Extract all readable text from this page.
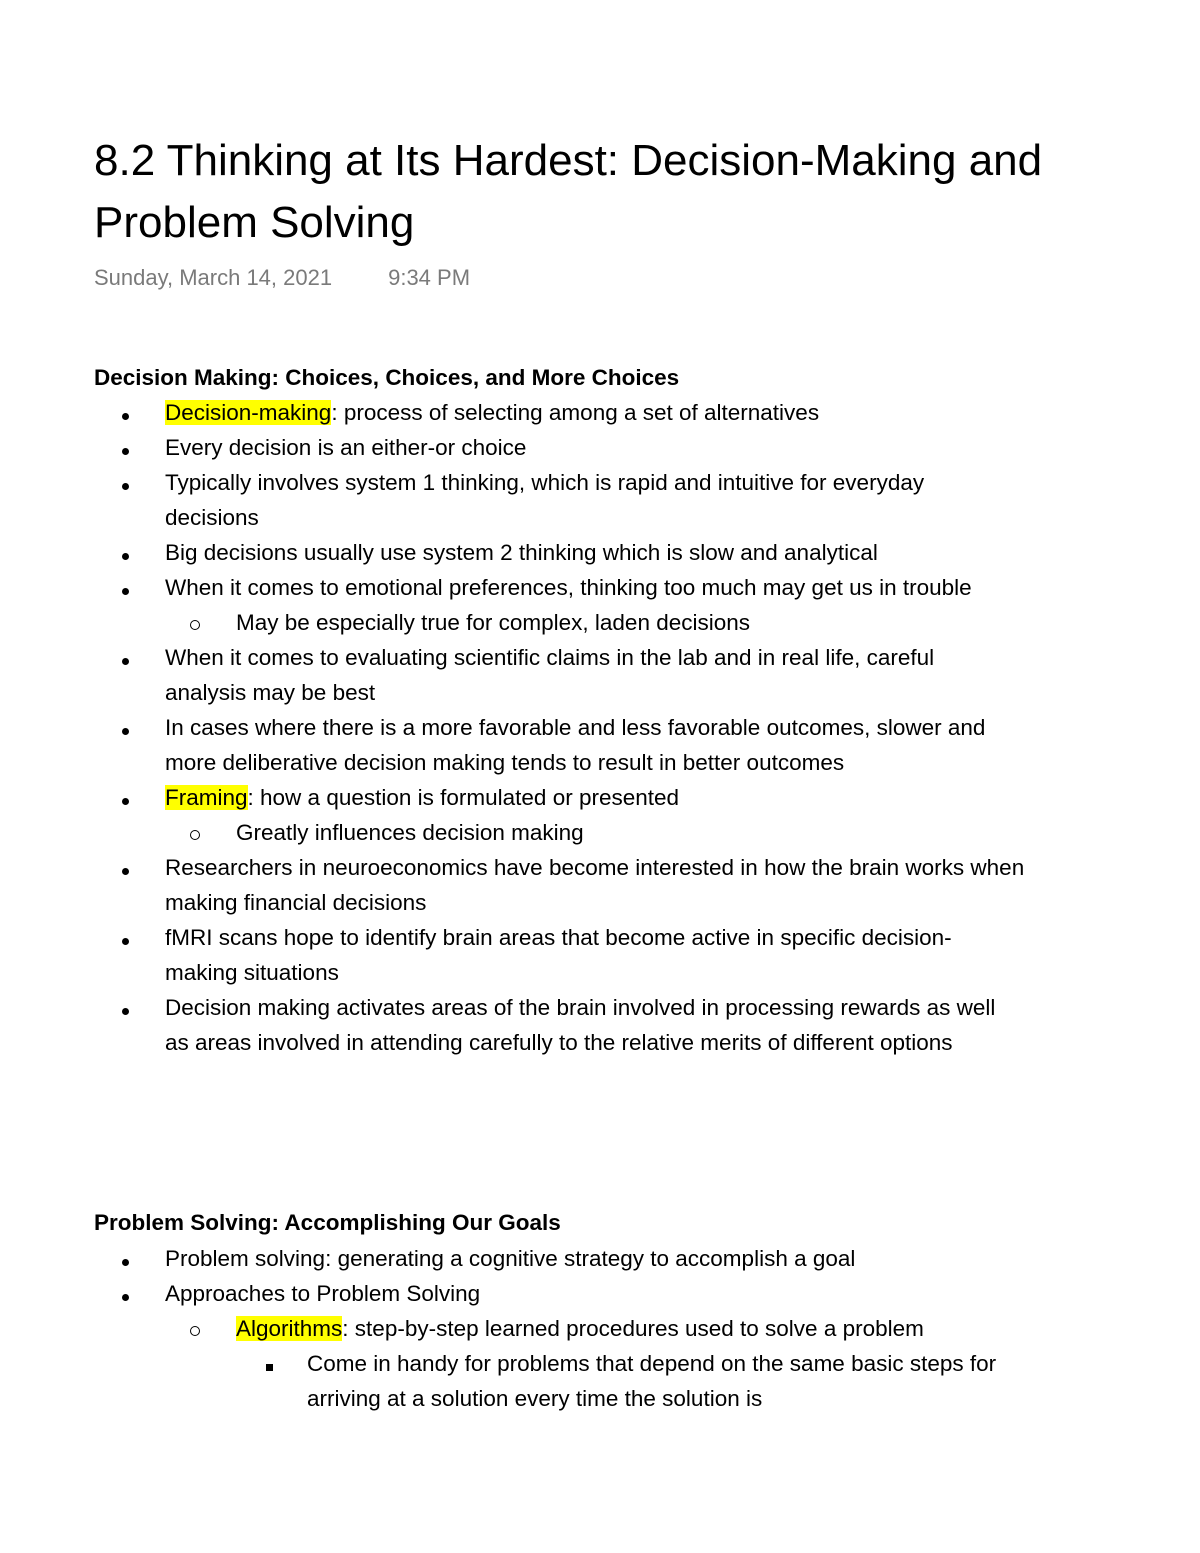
8.2 Thinking at Its Hardest: Decision-Making and Problem Solving

Sunday, March 14, 2021	9:34 PM

Decision Making: Choices, Choices, and More Choices
Decision-making: process of selecting among a set of alternatives
Every decision is an either-or choice
Typically involves system 1 thinking, which is rapid and intuitive for everyday decisions
Big decisions usually use system 2 thinking which is slow and analytical
When it comes to emotional preferences, thinking too much may get us in trouble
May be especially true for complex, laden decisions
When it comes to evaluating scientific claims in the lab and in real life, careful analysis may be best
In cases where there is a more favorable and less favorable outcomes, slower and more deliberative decision making tends to result in better outcomes
Framing: how a question is formulated or presented
Greatly influences decision making
Researchers in neuroeconomics have become interested in how the brain works when making financial decisions
fMRI scans hope to identify brain areas that become active in specific decision-making situations
Decision making activates areas of the brain involved in processing rewards as well as areas involved in attending carefully to the relative merits of different options
Problem Solving: Accomplishing Our Goals
Problem solving: generating a cognitive strategy to accomplish a goal
Approaches to Problem Solving
Algorithms: step-by-step learned procedures used to solve a problem
Come in handy for problems that depend on the same basic steps for arriving at a solution every time the solution is
